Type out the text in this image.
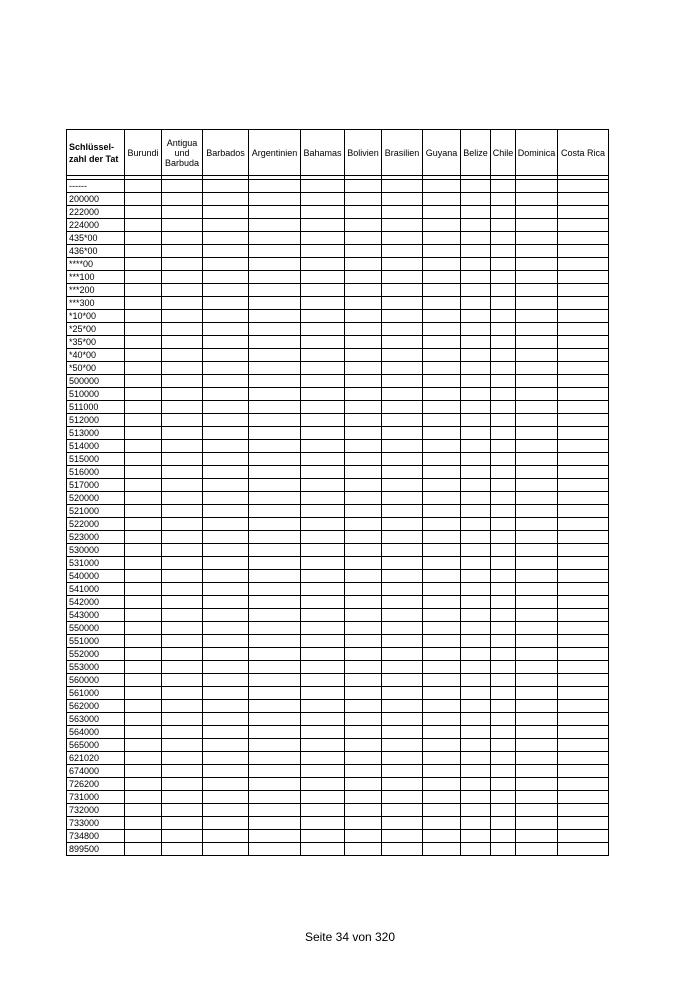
Schlüssel-zahl der Tat	Burundi	Antigua und Barbuda	Barbados	Argentinien	Bahamas	Bolivien	Brasilien	Guyana	Belize	Chile	Dominica	Costa Rica

------												
200000												
222000												
224000												
435*00												
436*00												
****00												
***100												
***200												
***300												
*10*00												
*25*00												
*35*00												
*40*00												
*50*00												
500000												
510000												
511000												
512000												
513000												
514000												
515000												
516000												
517000												
520000												
521000												
522000												
523000												
530000												
531000												
540000												
541000												
542000												
543000												
550000												
551000												
552000												
553000												
560000												
561000												
562000												
563000												
564000												
565000												
621020												
674000												
726200												
731000												
732000												
733000												
734800												
899500												
Seite 34 von 320
